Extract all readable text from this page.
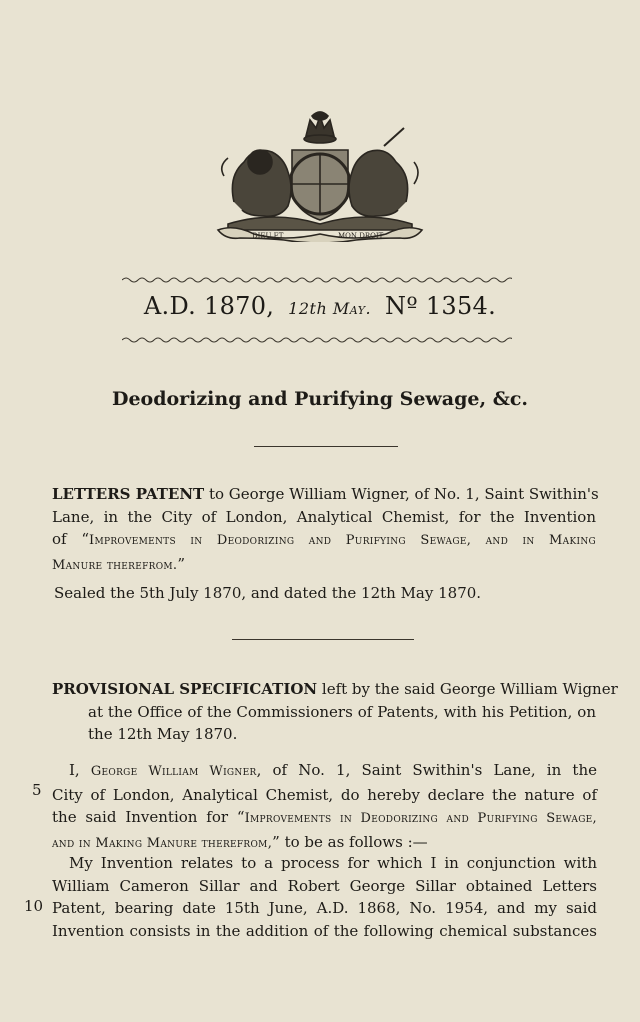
DIEU ET	MON DROIT
A.D. 1870, 12th May. Nº 1354.
Deodorizing and Purifying Sewage, &c.
LETTERS PATENT to George William Wigner, of No. 1, Saint Swithin's
Lane, in the City of London, Analytical Chemist, for the Invention
of “Improvements in Deodorizing and Purifying Sewage, and in Making
Manure therefrom.”
Sealed the 5th July 1870, and dated the 12th May 1870.
PROVISIONAL SPECIFICATION left by the said George William Wigner
at the Office of the Commissioners of Patents, with his Petition, on
the 12th May 1870.
I, George William Wigner, of No. 1, Saint Swithin's Lane, in the
City of London, Analytical Chemist, do hereby declare the nature of
the said Invention for “Improvements in Deodorizing and Purifying Sewage,
and in Making Manure therefrom,” to be as follows :—
My Invention relates to a process for which I in conjunction with
William Cameron Sillar and Robert George Sillar obtained Letters
Patent, bearing date 15th June, A.D. 1868, No. 1954, and my said
Invention consists in the addition of the following chemical substances
5
10
